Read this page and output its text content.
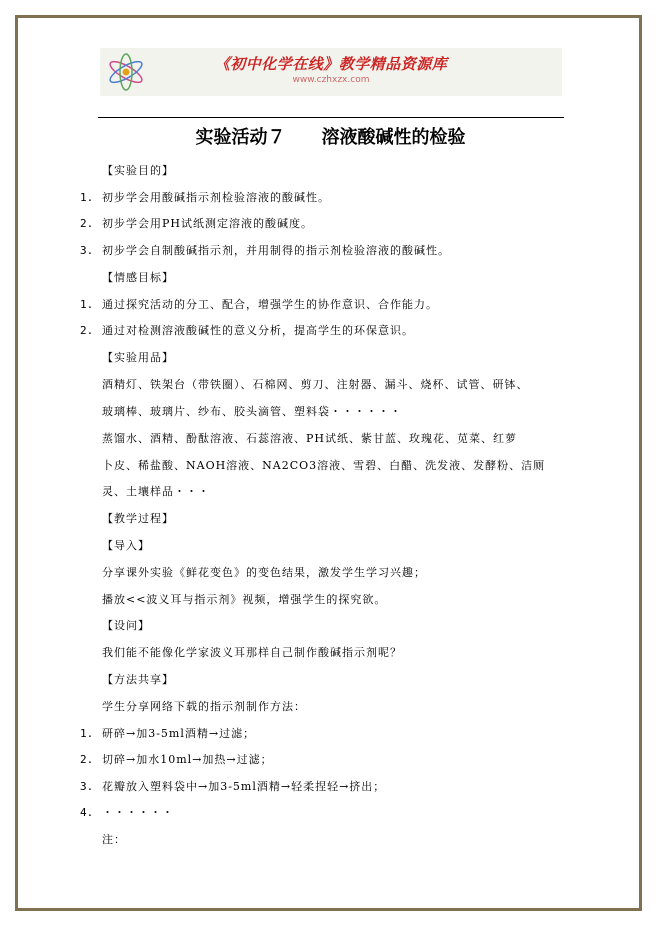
《初中化学在线》教学精品资源库
www.czhxzx.com
实验活动７　　溶液酸碱性的检验
【实验目的】
1. 初步学会用酸碱指示剂检验溶液的酸碱性。
2. 初步学会用PH试纸测定溶液的酸碱度。
3. 初步学会自制酸碱指示剂，并用制得的指示剂检验溶液的酸碱性。
【情感目标】
1. 通过探究活动的分工、配合，增强学生的协作意识、合作能力。
2. 通过对检测溶液酸碱性的意义分析，提高学生的环保意识。
【实验用品】
酒精灯、铁架台（带铁圈）、石棉网、剪刀、注射器、漏斗、烧杯、试管、研钵、
玻璃棒、玻璃片、纱布、胶头滴管、塑料袋・・・・・・
蒸馏水、酒精、酚酞溶液、石蕊溶液、PH试纸、紫甘蓝、玫瑰花、苋菜、红萝
卜皮、稀盐酸、NAOH溶液、NA2CO3溶液、雪碧、白醋、洗发液、发酵粉、洁厕
灵、土壤样品・・・
【教学过程】
【导入】
分享课外实验《鲜花变色》的变色结果，激发学生学习兴趣；
播放<<波义耳与指示剂》视频，增强学生的探究欲。
【设问】
我们能不能像化学家波义耳那样自己制作酸碱指示剂呢？
【方法共享】
学生分享网络下载的指示剂制作方法：
1. 研碎→加3-5ml酒精→过滤；
2. 切碎→加水10ml→加热→过滤；
3. 花瓣放入塑料袋中→加3-5ml酒精→轻柔捏轻→挤出；
4. ・・・・・・
注：
